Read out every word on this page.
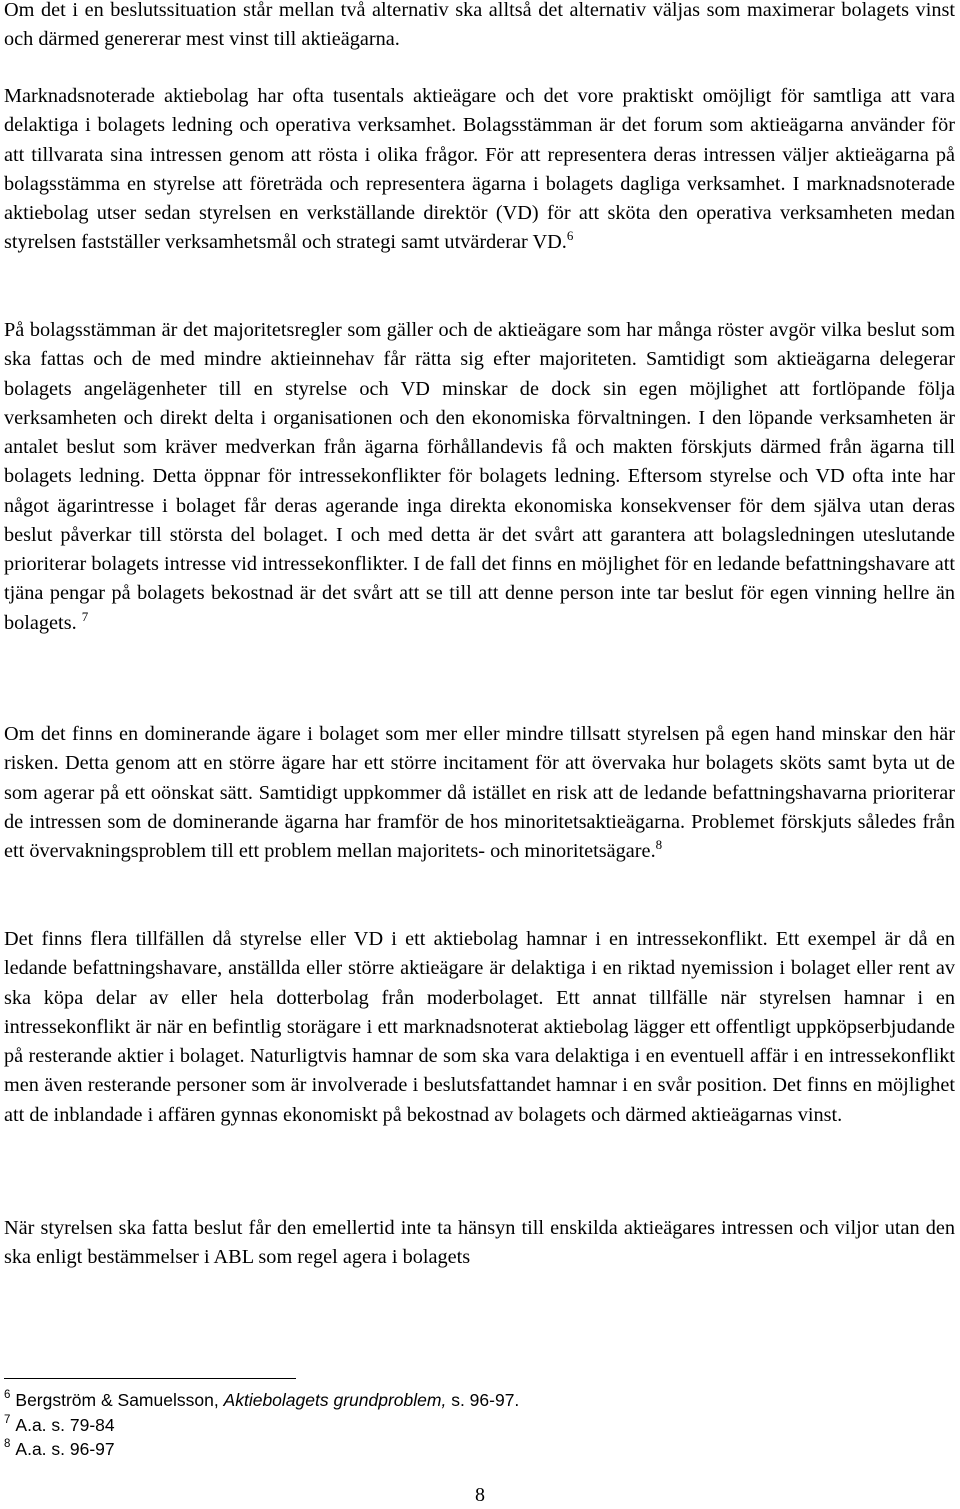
Om det i en beslutssituation står mellan två alternativ ska alltså det alternativ väljas som maximerar bolagets vinst och därmed genererar mest vinst till aktieägarna.

Marknadsnoterade aktiebolag har ofta tusentals aktieägare och det vore praktiskt omöjligt för samtliga att vara delaktiga i bolagets ledning och operativa verksamhet. Bolagsstämman är det forum som aktieägarna använder för att tillvarata sina intressen genom att rösta i olika frågor. För att representera deras intressen väljer aktieägarna på bolagsstämma en styrelse att företräda och representera ägarna i bolagets dagliga verksamhet. I marknadsnoterade aktiebolag utser sedan styrelsen en verkställande direktör (VD) för att sköta den operativa verksamheten medan styrelsen fastställer verksamhetsmål och strategi samt utvärderar VD.$^6$

På bolagsstämman är det majoritetsregler som gäller och de aktieägare som har många röster avgör vilka beslut som ska fattas och de med mindre aktieinnehav får rätta sig efter majoriteten. Samtidigt som aktieägarna delegerar bolagets angelägenheter till en styrelse och VD minskar de dock sin egen möjlighet att fortlöpande följa verksamheten och direkt delta i organisationen och den ekonomiska förvaltningen. I den löpande verksamheten är antalet beslut som kräver medverkan från ägarna förhållandevis få och makten förskjuts därmed från ägarna till bolagets ledning. Detta öppnar för intressekonflikter för bolagets ledning. Eftersom styrelse och VD ofta inte har något ägarintresse i bolaget får deras agerande inga direkta ekonomiska konsekvenser för dem själva utan deras beslut påverkar till största del bolaget. I och med detta är det svårt att garantera att bolagsledningen uteslutande prioriterar bolagets intresse vid intressekonflikter. I de fall det finns en möjlighet för en ledande befattningshavare att tjäna pengar på bolagets bekostnad är det svårt att se till att denne person inte tar beslut för egen vinning hellre än bolagets. $^7$

Om det finns en dominerande ägare i bolaget som mer eller mindre tillsatt styrelsen på egen hand minskar den här risken. Detta genom att en större ägare har ett större incitament för att övervaka hur bolagets sköts samt byta ut de som agerar på ett oönskat sätt. Samtidigt uppkommer då istället en risk att de ledande befattningshavarna prioriterar de intressen som de dominerande ägarna har framför de hos minoritetsaktieägarna. Problemet förskjuts således från ett övervakningsproblem till ett problem mellan majoritets- och minoritetsägare.$^8$

Det finns flera tillfällen då styrelse eller VD i ett aktiebolag hamnar i en intressekonflikt. Ett exempel är då en ledande befattningshavare, anställda eller större aktieägare är delaktiga i en riktad nyemission i bolaget eller rent av ska köpa delar av eller hela dotterbolag från moderbolaget. Ett annat tillfälle när styrelsen hamnar i en intressekonflikt är när en befintlig storägare i ett marknadsnoterat aktiebolag lägger ett offentligt uppköpserbjudande på resterande aktier i bolaget. Naturligtvis hamnar de som ska vara delaktiga i en eventuell affär i en intressekonflikt men även resterande personer som är involverade i beslutsfattandet hamnar i en svår position. Det finns en möjlighet att de inblandade i affären gynnas ekonomiskt på bekostnad av bolagets och därmed aktieägarnas vinst.

När styrelsen ska fatta beslut får den emellertid inte ta hänsyn till enskilda aktieägares intressen och viljor utan den ska enligt bestämmelser i ABL som regel agera i bolagets

$^6$ Bergström & Samuelsson, Aktiebolagets grundproblem, s. 96-97.

$^7$ A.a. s. 79-84

$^8$ A.a. s. 96-97

8
